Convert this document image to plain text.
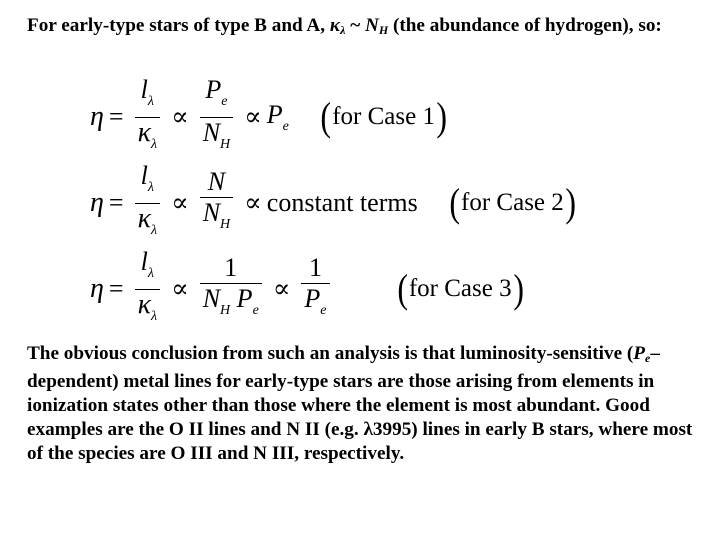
For early-type stars of type B and A, $\kappa_\lambda$ ~ $N_H$ (the abundance of hydrogen), so:

$\eta = \frac{l_\lambda}{\kappa_\lambda} \propto \frac{P_e}{N_H} \propto P_e$ ( for Case 1 )
$\eta = \frac{l_\lambda}{\kappa_\lambda} \propto \frac{N}{N_H}$ ∝ constant terms ( for Case 2 )
$\eta = \frac{l_\lambda}{\kappa_\lambda} \propto \frac{1}{N_H P_e} \propto \frac{1}{P_e}$ ( for Case 3 )

The obvious conclusion from such an analysis is that luminosity-sensitive $(P_e-dependent)$ metal lines for early-type stars are those arising from elements in ionization states other than those where the element is most abundant. Good examples are the O II lines and N II (e.g. λ3995) lines in early B stars, where most of the species are O III and N III, respectively.
